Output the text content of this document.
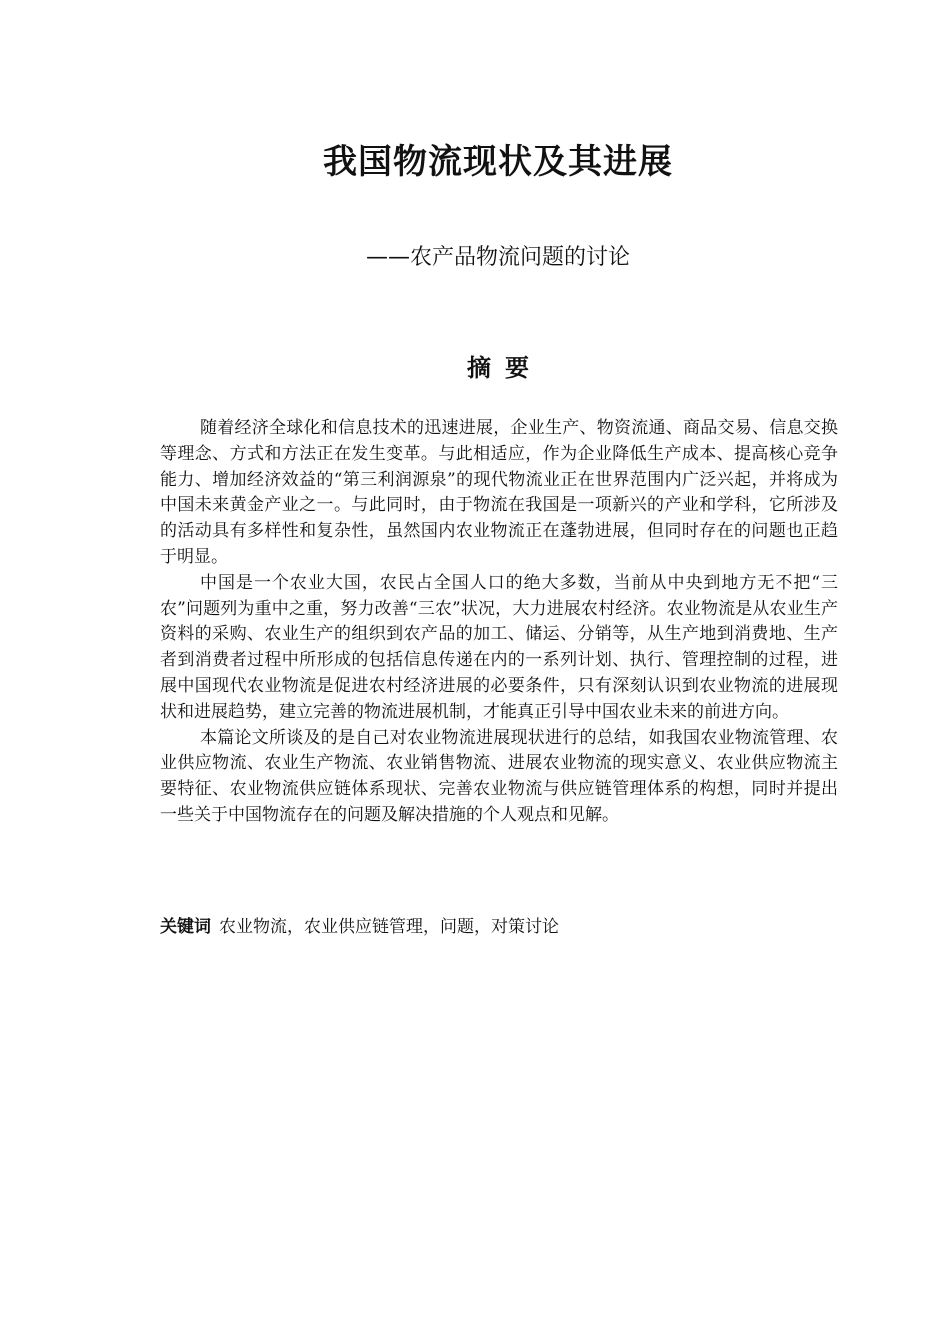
我国物流现状及其进展
——农产品物流问题的讨论
摘要

随着经济全球化和信息技术的迅速进展，企业生产、物资流通、商品交易、信息交换等理念、方式和方法正在发生变革。与此相适应，作为企业降低生产成本、提高核心竞争能力、增加经济效益的“第三利润源泉”的现代物流业正在世界范围内广泛兴起，并将成为中国未来黄金产业之一。与此同时，由于物流在我国是一项新兴的产业和学科，它所涉及的活动具有多样性和复杂性，虽然国内农业物流正在蓬勃进展，但同时存在的问题也正趋于明显。

中国是一个农业大国，农民占全国人口的绝大多数，当前从中央到地方无不把“三农”问题列为重中之重，努力改善“三农”状况，大力进展农村经济。农业物流是从农业生产资料的采购、农业生产的组织到农产品的加工、储运、分销等，从生产地到消费地、生产者到消费者过程中所形成的包括信息传递在内的一系列计划、执行、管理控制的过程，进展中国现代农业物流是促进农村经济进展的必要条件，只有深刻认识到农业物流的进展现状和进展趋势，建立完善的物流进展机制，才能真正引导中国农业未来的前进方向。

本篇论文所谈及的是自己对农业物流进展现状进行的总结，如我国农业物流管理、农业供应物流、农业生产物流、农业销售物流、进展农业物流的现实意义、农业供应物流主要特征、农业物流供应链体系现状、完善农业物流与供应链管理体系的构想，同时并提出一些关于中国物流存在的问题及解决措施的个人观点和见解。

关键词 农业物流，农业供应链管理，问题，对策讨论
